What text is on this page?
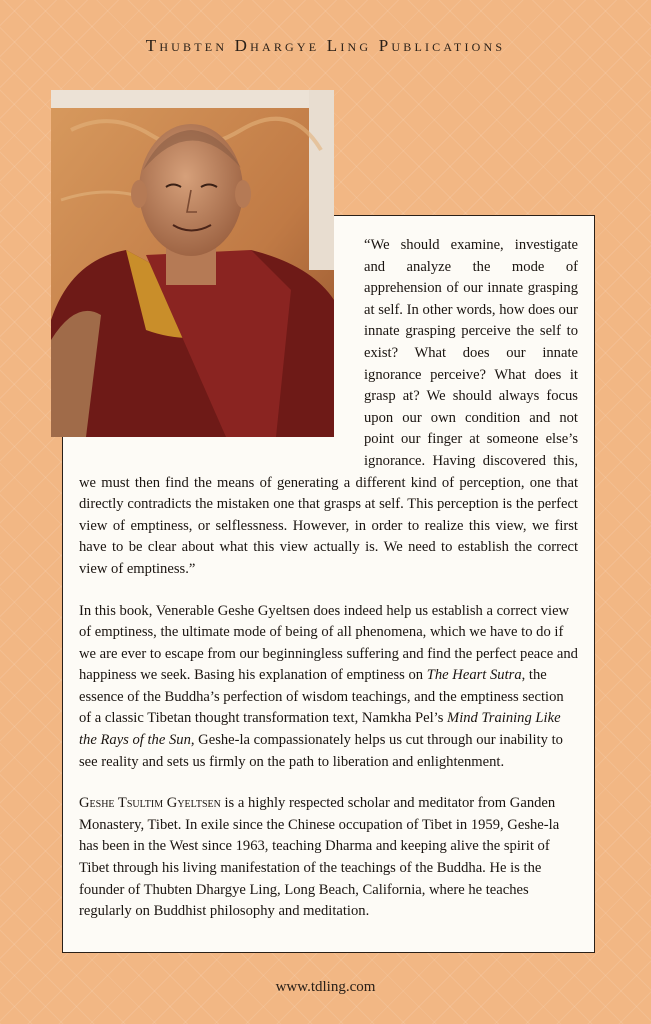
Thubten Dhargye Ling Publications

“We should examine, investigate and analyze the mode of apprehension of our innate grasping at self. In other words, how does our innate grasping perceive the self to exist? What does our innate ignorance perceive? What does it grasp at? We should always focus upon our own condition and not point our finger at someone else’s ignorance. Having discovered this, we must then find the means of generating a different kind of perception, one that directly contradicts the mistaken one that grasps at self. This perception is the perfect view of emptiness, or selflessness. However, in order to realize this view, we first have to be clear about what this view actually is. We need to establish the correct view of emptiness.”

In this book, Venerable Geshe Gyeltsen does indeed help us establish a correct view of emptiness, the ultimate mode of being of all phenomena, which we have to do if we are ever to escape from our beginningless suffering and find the perfect peace and happiness we seek. Basing his explanation of emptiness on The Heart Sutra, the essence of the Buddha’s perfection of wisdom teachings, and the emptiness section of a classic Tibetan thought transformation text, Namkha Pel’s Mind Training Like the Rays of the Sun, Geshe-la compassionately helps us cut through our inability to see reality and sets us firmly on the path to liberation and enlightenment.

Geshe Tsultim Gyeltsen is a highly respected scholar and meditator from Ganden Monastery, Tibet. In exile since the Chinese occupation of Tibet in 1959, Geshe-la has been in the West since 1963, teaching Dharma and keeping alive the spirit of Tibet through his living manifestation of the teachings of the Buddha. He is the founder of Thubten Dhargye Ling, Long Beach, California, where he teaches regularly on Buddhist philosophy and meditation.

www.tdling.com
